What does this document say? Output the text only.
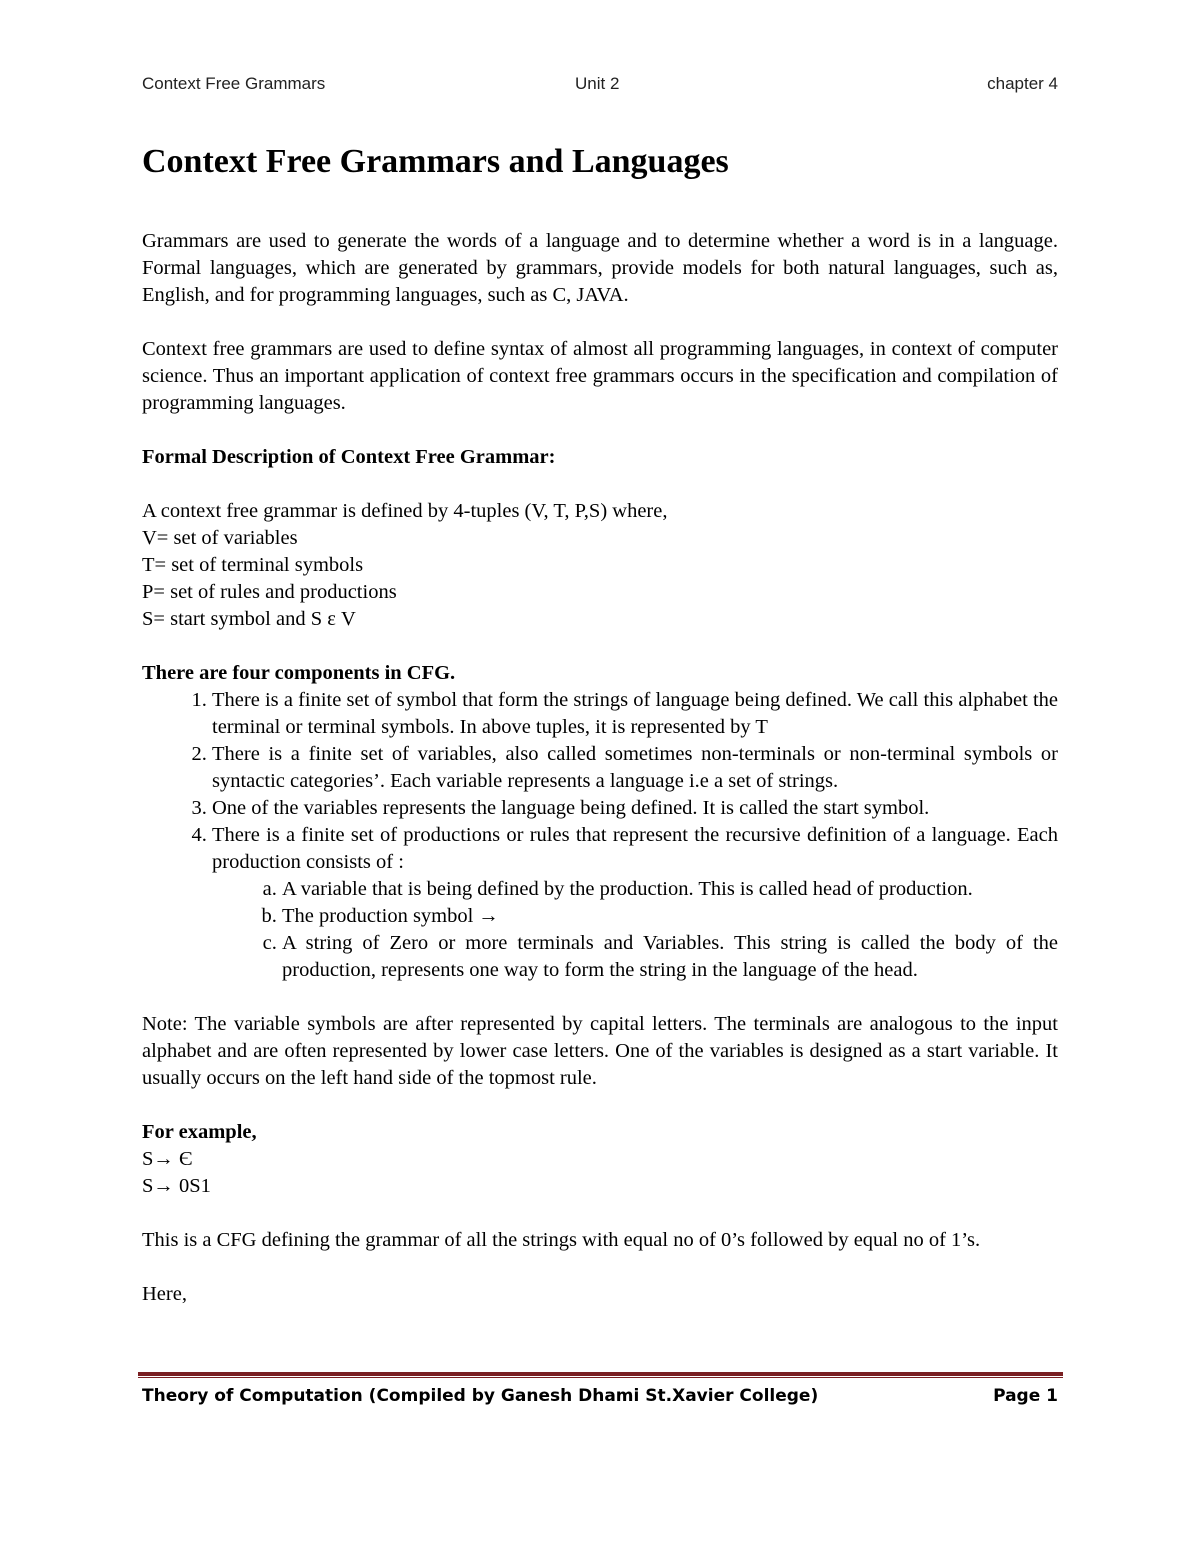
Context Free Grammars	Unit 2	chapter 4
Context Free Grammars and Languages

Grammars are used to generate the words of a language and to determine whether a word is in a language. Formal languages, which are generated by grammars, provide models for both natural languages, such as, English, and for programming languages, such as C, JAVA.

Context free grammars are used to define syntax of almost all programming languages, in context of computer science. Thus an important application of context free grammars occurs in the specification and compilation of programming languages.

Formal Description of Context Free Grammar:

A context free grammar is defined by 4-tuples (V, T, P,S) where,

V= set of variables

T= set of terminal symbols

P= set of rules and productions

S= start symbol and S ε V

There are four components in CFG.

1. There is a finite set of symbol that form the strings of language being defined. We call this alphabet the terminal or terminal symbols. In above tuples, it is represented by T
2. There is a finite set of variables, also called sometimes non-terminals or non-terminal symbols or syntactic categories’. Each variable represents a language i.e a set of strings.
3. One of the variables represents the language being defined. It is called the start symbol.
4. There is a finite set of productions or rules that represent the recursive definition of a language. Each production consists of :
a. A variable that is being defined by the production. This is called head of production.
b. The production symbol →
c. A string of Zero or more terminals and Variables. This string is called the body of the production, represents one way to form the string in the language of the head.

Note: The variable symbols are after represented by capital letters. The terminals are analogous to the input alphabet and are often represented by lower case letters. One of the variables is designed as a start variable. It usually occurs on the left hand side of the topmost rule.

For example,

S→ Є

S→ 0S1

This is a CFG defining the grammar of all the strings with equal no of 0’s followed by equal no of 1’s.

Here,

Theory of Computation (Compiled by Ganesh Dhami St.Xavier College)	Page 1
